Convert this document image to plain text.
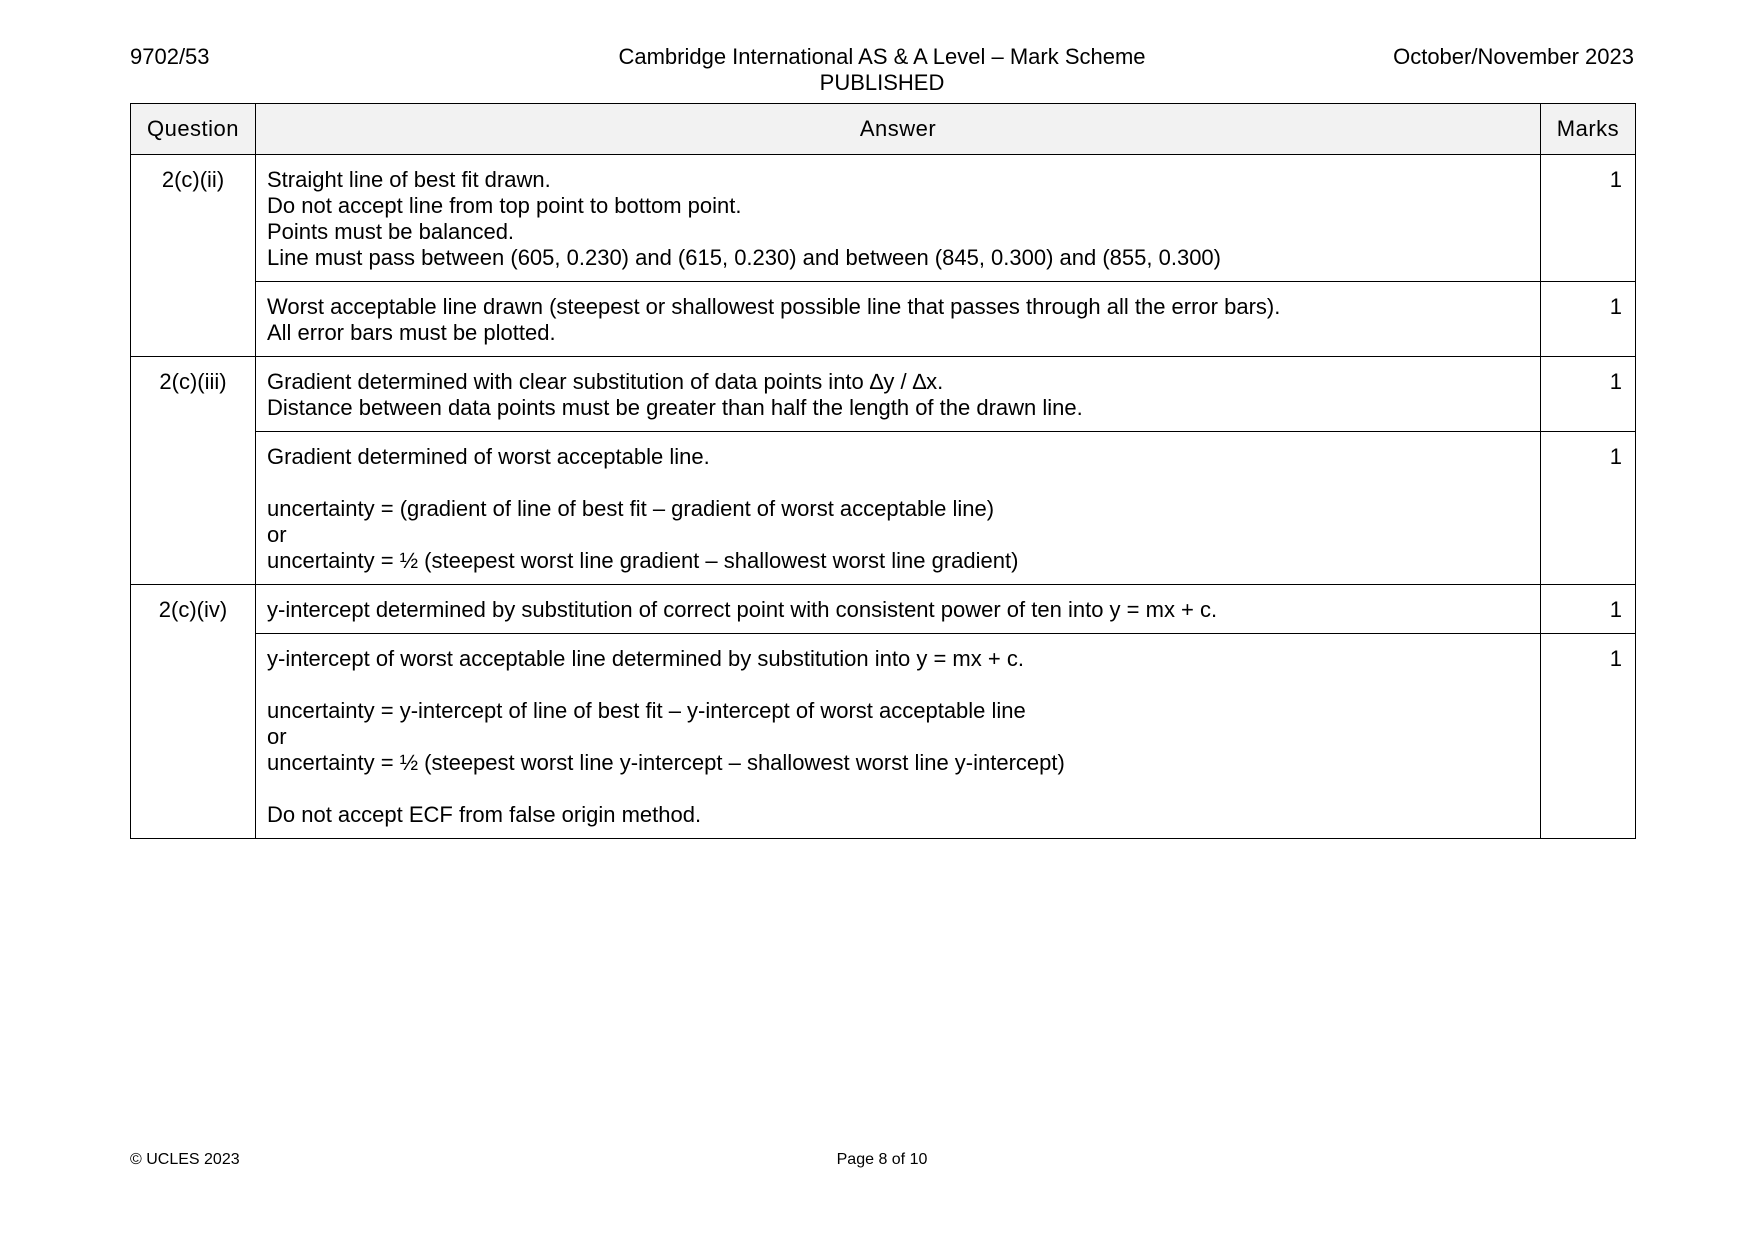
9702/53	Cambridge International AS & A Level – Mark Scheme
PUBLISHED
October/November 2023
Question	Answer	Marks
2(c)(ii)	Straight line of best fit drawn.
Do not accept line from top point to bottom point.
Points must be balanced.
Line must pass between (605, 0.230) and (615, 0.230) and between (845, 0.300) and (855, 0.300)	1

	Worst acceptable line drawn (steepest or shallowest possible line that passes through all the error bars).
All error bars must be plotted.	1
2(c)(iii)	Gradient determined with clear substitution of data points into ∆y / ∆x.
Distance between data points must be greater than half the length of the drawn line.	1

	Gradient determined of worst acceptable line.
uncertainty = (gradient of line of best fit – gradient of worst acceptable line)
or
uncertainty = ½ (steepest worst line gradient – shallowest worst line gradient)	1
2(c)(iv)	y-intercept determined by substitution of correct point with consistent power of ten into y = mx + c.	1

	y-intercept of worst acceptable line determined by substitution into y = mx + c.
uncertainty = y-intercept of line of best fit – y-intercept of worst acceptable line
or
uncertainty = ½ (steepest worst line y-intercept – shallowest worst line y-intercept)
Do not accept ECF from false origin method.	1
© UCLES 2023	Page 8 of 10
